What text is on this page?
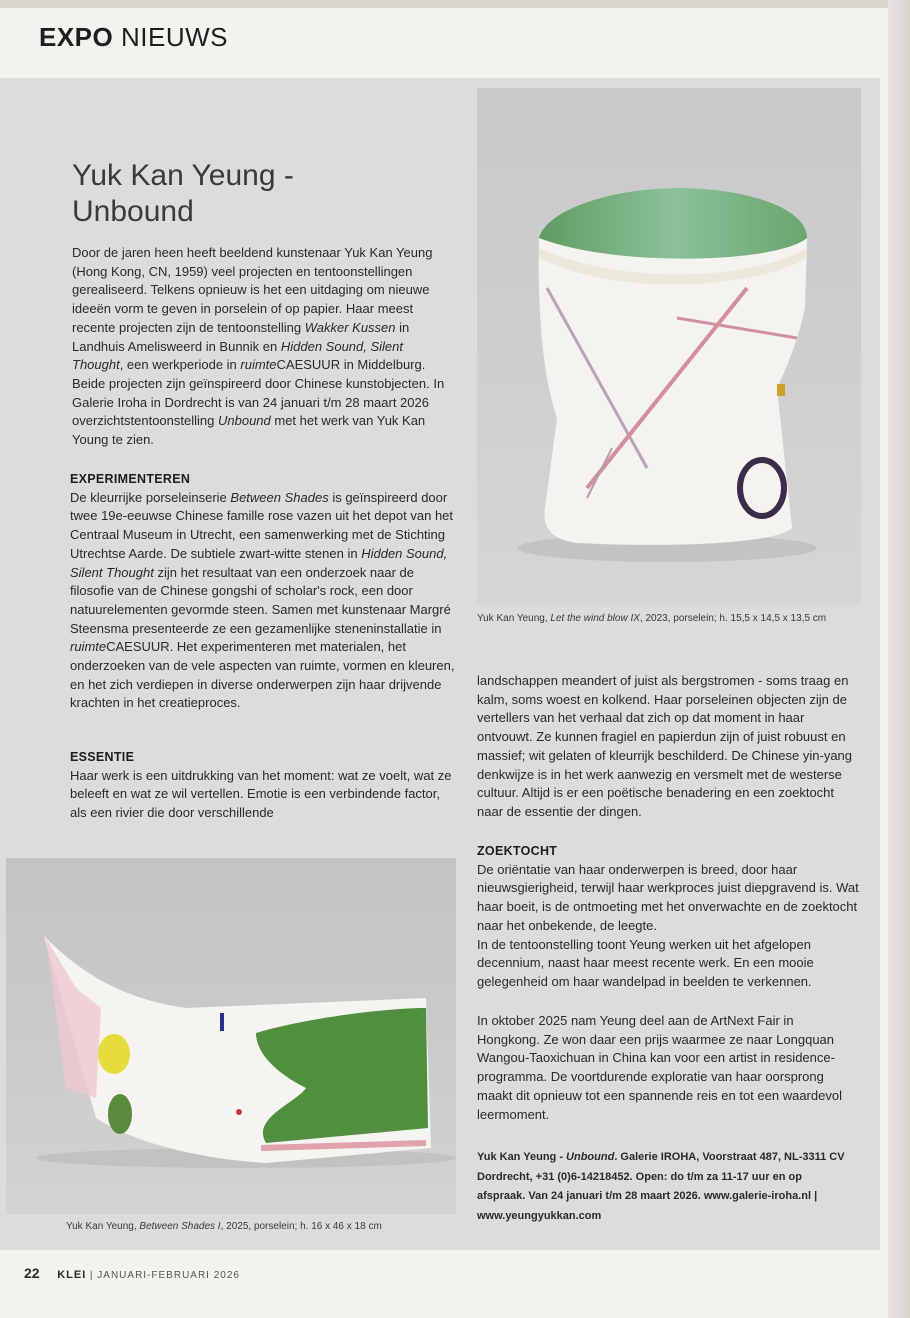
EXPO NIEUWS
Yuk Kan Yeung - Unbound

Door de jaren heen heeft beeldend kunstenaar Yuk Kan Yeung (Hong Kong, CN, 1959) veel projecten en tentoonstellingen gerealiseerd. Telkens opnieuw is het een uitdaging om nieuwe ideeën vorm te geven in porselein of op papier. Haar meest recente projecten zijn de tentoonstelling Wakker Kussen in Landhuis Amelisweerd in Bunnik en Hidden Sound, Silent Thought, een werkperiode in ruimteCAESUUR in Middelburg. Beide projecten zijn geïnspireerd door Chinese kunstobjecten. In Galerie Iroha in Dordrecht is van 24 januari t/m 28 maart 2026 overzichtstentoonstelling Unbound met het werk van Yuk Kan Young te zien.

EXPERIMENTEREN

De kleurrijke porseleinserie Between Shades is geïnspireerd door twee 19e-eeuwse Chinese famille rose vazen uit het depot van het Centraal Museum in Utrecht, een samenwerking met de Stichting Utrechtse Aarde. De subtiele zwart-witte stenen in Hidden Sound, Silent Thought zijn het resultaat van een onderzoek naar de filosofie van de Chinese gongshi of scholar's rock, een door natuurelementen gevormde steen. Samen met kunstenaar Margré Steensma presenteerde ze een gezamenlijke steneninstallatie in ruimteCAESUUR. Het experimenteren met materialen, het onderzoeken van de vele aspecten van ruimte, vormen en kleuren, en het zich verdiepen in diverse onderwerpen zijn haar drijvende krachten in het creatieproces.

ESSENTIE

Haar werk is een uitdrukking van het moment: wat ze voelt, wat ze beleeft en wat ze wil vertellen. Emotie is een verbindende factor, als een rivier die door verschillende

Yuk Kan Yeung, Let the wind blow IX, 2023, porselein; h. 15,5 x 14,5 x 13,5 cm
landschappen meandert of juist als bergstromen - soms traag en kalm, soms woest en kolkend. Haar porseleinen objecten zijn de vertellers van het verhaal dat zich op dat moment in haar ontvouwt. Ze kunnen fragiel en papierdun zijn of juist robuust en massief; wit gelaten of kleurrijk beschilderd. De Chinese yin-yang denkwijze is in het werk aanwezig en versmelt met de westerse cultuur. Altijd is er een poëtische benadering en een zoektocht naar de essentie der dingen.
ZOEKTOCHT

De oriëntatie van haar onderwerpen is breed, door haar nieuwsgierigheid, terwijl haar werkproces juist diepgravend is. Wat haar boeit, is de ontmoeting met het onverwachte en de zoektocht naar het onbekende, de leegte.

In de tentoonstelling toont Yeung werken uit het afgelopen decennium, naast haar meest recente werk. En een mooie gelegenheid om haar wandelpad in beelden te verkennen.

In oktober 2025 nam Yeung deel aan de ArtNext Fair in Hongkong. Ze won daar een prijs waarmee ze naar Longquan Wangou-Taoxichuan in China kan voor een artist in residence-programma. De voortdurende exploratie van haar oorsprong maakt dit opnieuw tot een spannende reis en tot een waardevol leermoment.

Yuk Kan Yeung - Unbound. Galerie IROHA, Voorstraat 487, NL-3311 CV Dordrecht, +31 (0)6-14218452. Open: do t/m za 11-17 uur en op afspraak. Van 24 januari t/m 28 maart 2026. www.galerie-iroha.nl | www.yeungyukkan.com
Yuk Kan Yeung, Between Shades I, 2025, porselein; h. 16 x 46 x 18 cm
22 KLEI | JANUARI-FEBRUARI 2026
